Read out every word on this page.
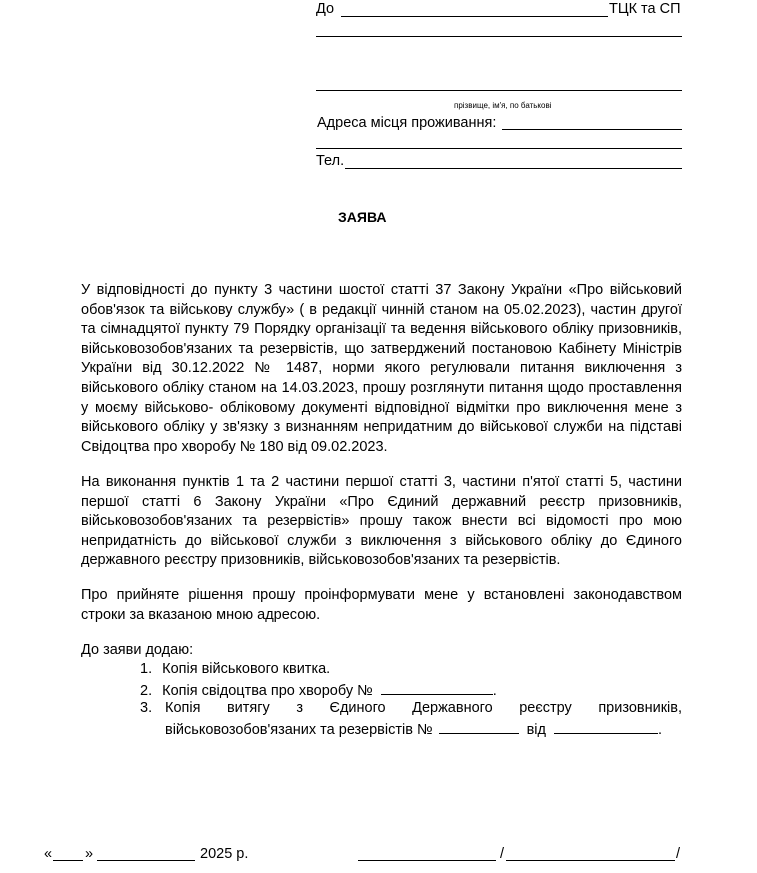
До	ТЦК та СП
прізвище, ім'я, по батькові
Адреса місця проживання:
Тел.
ЗАЯВА
У відповідності до пункту 3 частини шостої статті 37 Закону України «Про військовий обов'язок та військову службу» ( в редакції чинній станом на 05.02.2023), частин другої та сімнадцятої пункту 79 Порядку організації та ведення військового обліку призовників, військовозобов'язаних та резервістів, що затверджений постановою Кабінету Міністрів України від 30.12.2022 № 1487, норми якого регулювали питання виключення з військового обліку станом на 14.03.2023, прошу розглянути питання щодо проставлення у моєму військово- обліковому документі відповідної відмітки про виключення мене з військового обліку у зв'язку з визнанням непридатним до військової служби на підставі Свідоцтва про хворобу № 180 від 09.02.2023.
На виконання пунктів 1 та 2 частини першої статті 3, частини п'ятої статті 5, частини першої статті 6 Закону України «Про Єдиний державний реєстр призовників, військовозобов'язаних та резервістів» прошу також внести всі відомості про мою непридатність до військової служби з виключення з військового обліку до Єдиного державного реєстру призовників, військовозобов'язаних та резервістів.
Про прийняте рішення прошу проінформувати мене у встановлені законодавством строки за вказаною мною адресою.
До заяви додаю:
1. Копія військового квитка.
2. Копія свідоцтва про хворобу №	.
3. Копія витягу з Єдиного Державного реєстру призовників,
військовозобов'язаних та резервістів №	від	.
« »	2025 р.	/	/
